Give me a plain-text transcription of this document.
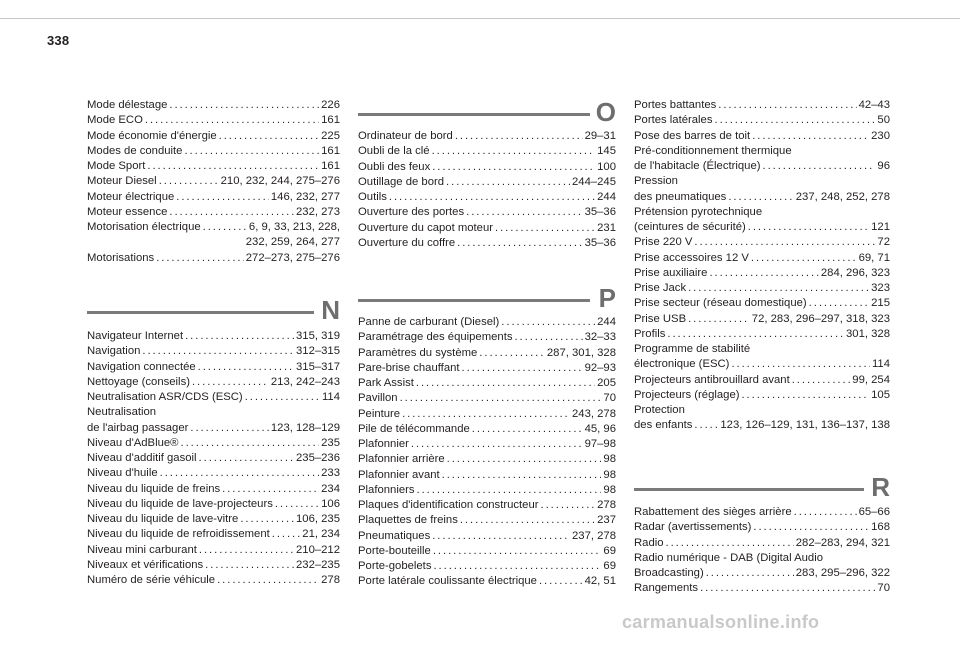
338
Mode délestage . . .	226
Mode ECO . . .	161
Mode économie d'énergie . . .	225
Modes de conduite . . .	161
Mode Sport . . .	161
Moteur Diesel . . .	210, 232, 244, 275–276
Moteur électrique . . .	146, 232, 277
Moteur essence . . .	232, 273
Motorisation électrique . . .	6, 9, 33, 213, 228,
232, 259, 264, 277
Motorisations . . .	272–273, 275–276
N
Navigateur Internet . . .	315, 319
Navigation . . .	312–315
Navigation connectée . . .	315–317
Nettoyage (conseils) . . .	213, 242–243
Neutralisation ASR/CDS (ESC) . . .	114
Neutralisation
de l'airbag passager . . .	123, 128–129
Niveau d'AdBlue® . . .	235
Niveau d'additif gasoil . . .	235–236
Niveau d'huile . . .	233
Niveau du liquide de freins . . .	234
Niveau du liquide de lave-projecteurs . . .	106
Niveau du liquide de lave-vitre . . .	106, 235
Niveau du liquide de refroidissement . . .	21, 234
Niveau mini carburant . . .	210–212
Niveaux et vérifications . . .	232–235
Numéro de série véhicule . . .	278
O
Ordinateur de bord . . .	29–31
Oubli de la clé . . .	145
Oubli des feux . . .	100
Outillage de bord . . .	244–245
Outils . . .	244
Ouverture des portes . . .	35–36
Ouverture du capot moteur . . .	231
Ouverture du coffre . . .	35–36
P
Panne de carburant (Diesel) . . .	244
Paramétrage des équipements . . .	32–33
Paramètres du système . . .	287, 301, 328
Pare-brise chauffant . . .	92–93
Park Assist . . .	205
Pavillon . . .	70
Peinture . . .	243, 278
Pile de télécommande . . .	45, 96
Plafonnier . . .	97–98
Plafonnier arrière . . .	98
Plafonnier avant . . .	98
Plafonniers . . .	98
Plaques d'identification constructeur . . .	278
Plaquettes de freins . . .	237
Pneumatiques . . .	237, 278
Porte-bouteille . . .	69
Porte-gobelets . . .	69
Porte latérale coulissante électrique . . .	42, 51
Portes battantes . . .	42–43
Portes latérales . . .	50
Pose des barres de toit . . .	230
Pré-conditionnement thermique
de l'habitacle (Électrique) . . .	96
Pression
des pneumatiques . . .	237, 248, 252, 278
Prétension pyrotechnique
(ceintures de sécurité) . . .	121
Prise 220 V . . .	72
Prise accessoires 12 V . . .	69, 71
Prise auxiliaire . . .	284, 296, 323
Prise Jack . . .	323
Prise secteur (réseau domestique) . . .	215
Prise USB . . .	72, 283, 296–297, 318, 323
Profils . . .	301, 328
Programme de stabilité
électronique (ESC) . . .	114
Projecteurs antibrouillard avant . . .	99, 254
Projecteurs (réglage) . . .	105
Protection
des enfants . . . 123, 126–129, 131, 136–137, 138
R
Rabattement des sièges arrière . . .	65–66
Radar (avertissements) . . .	168
Radio . . .	282–283, 294, 321
Radio numérique - DAB (Digital Audio
Broadcasting) . . .	283, 295–296, 322
Rangements . . .	70
carmanualsonline.info
